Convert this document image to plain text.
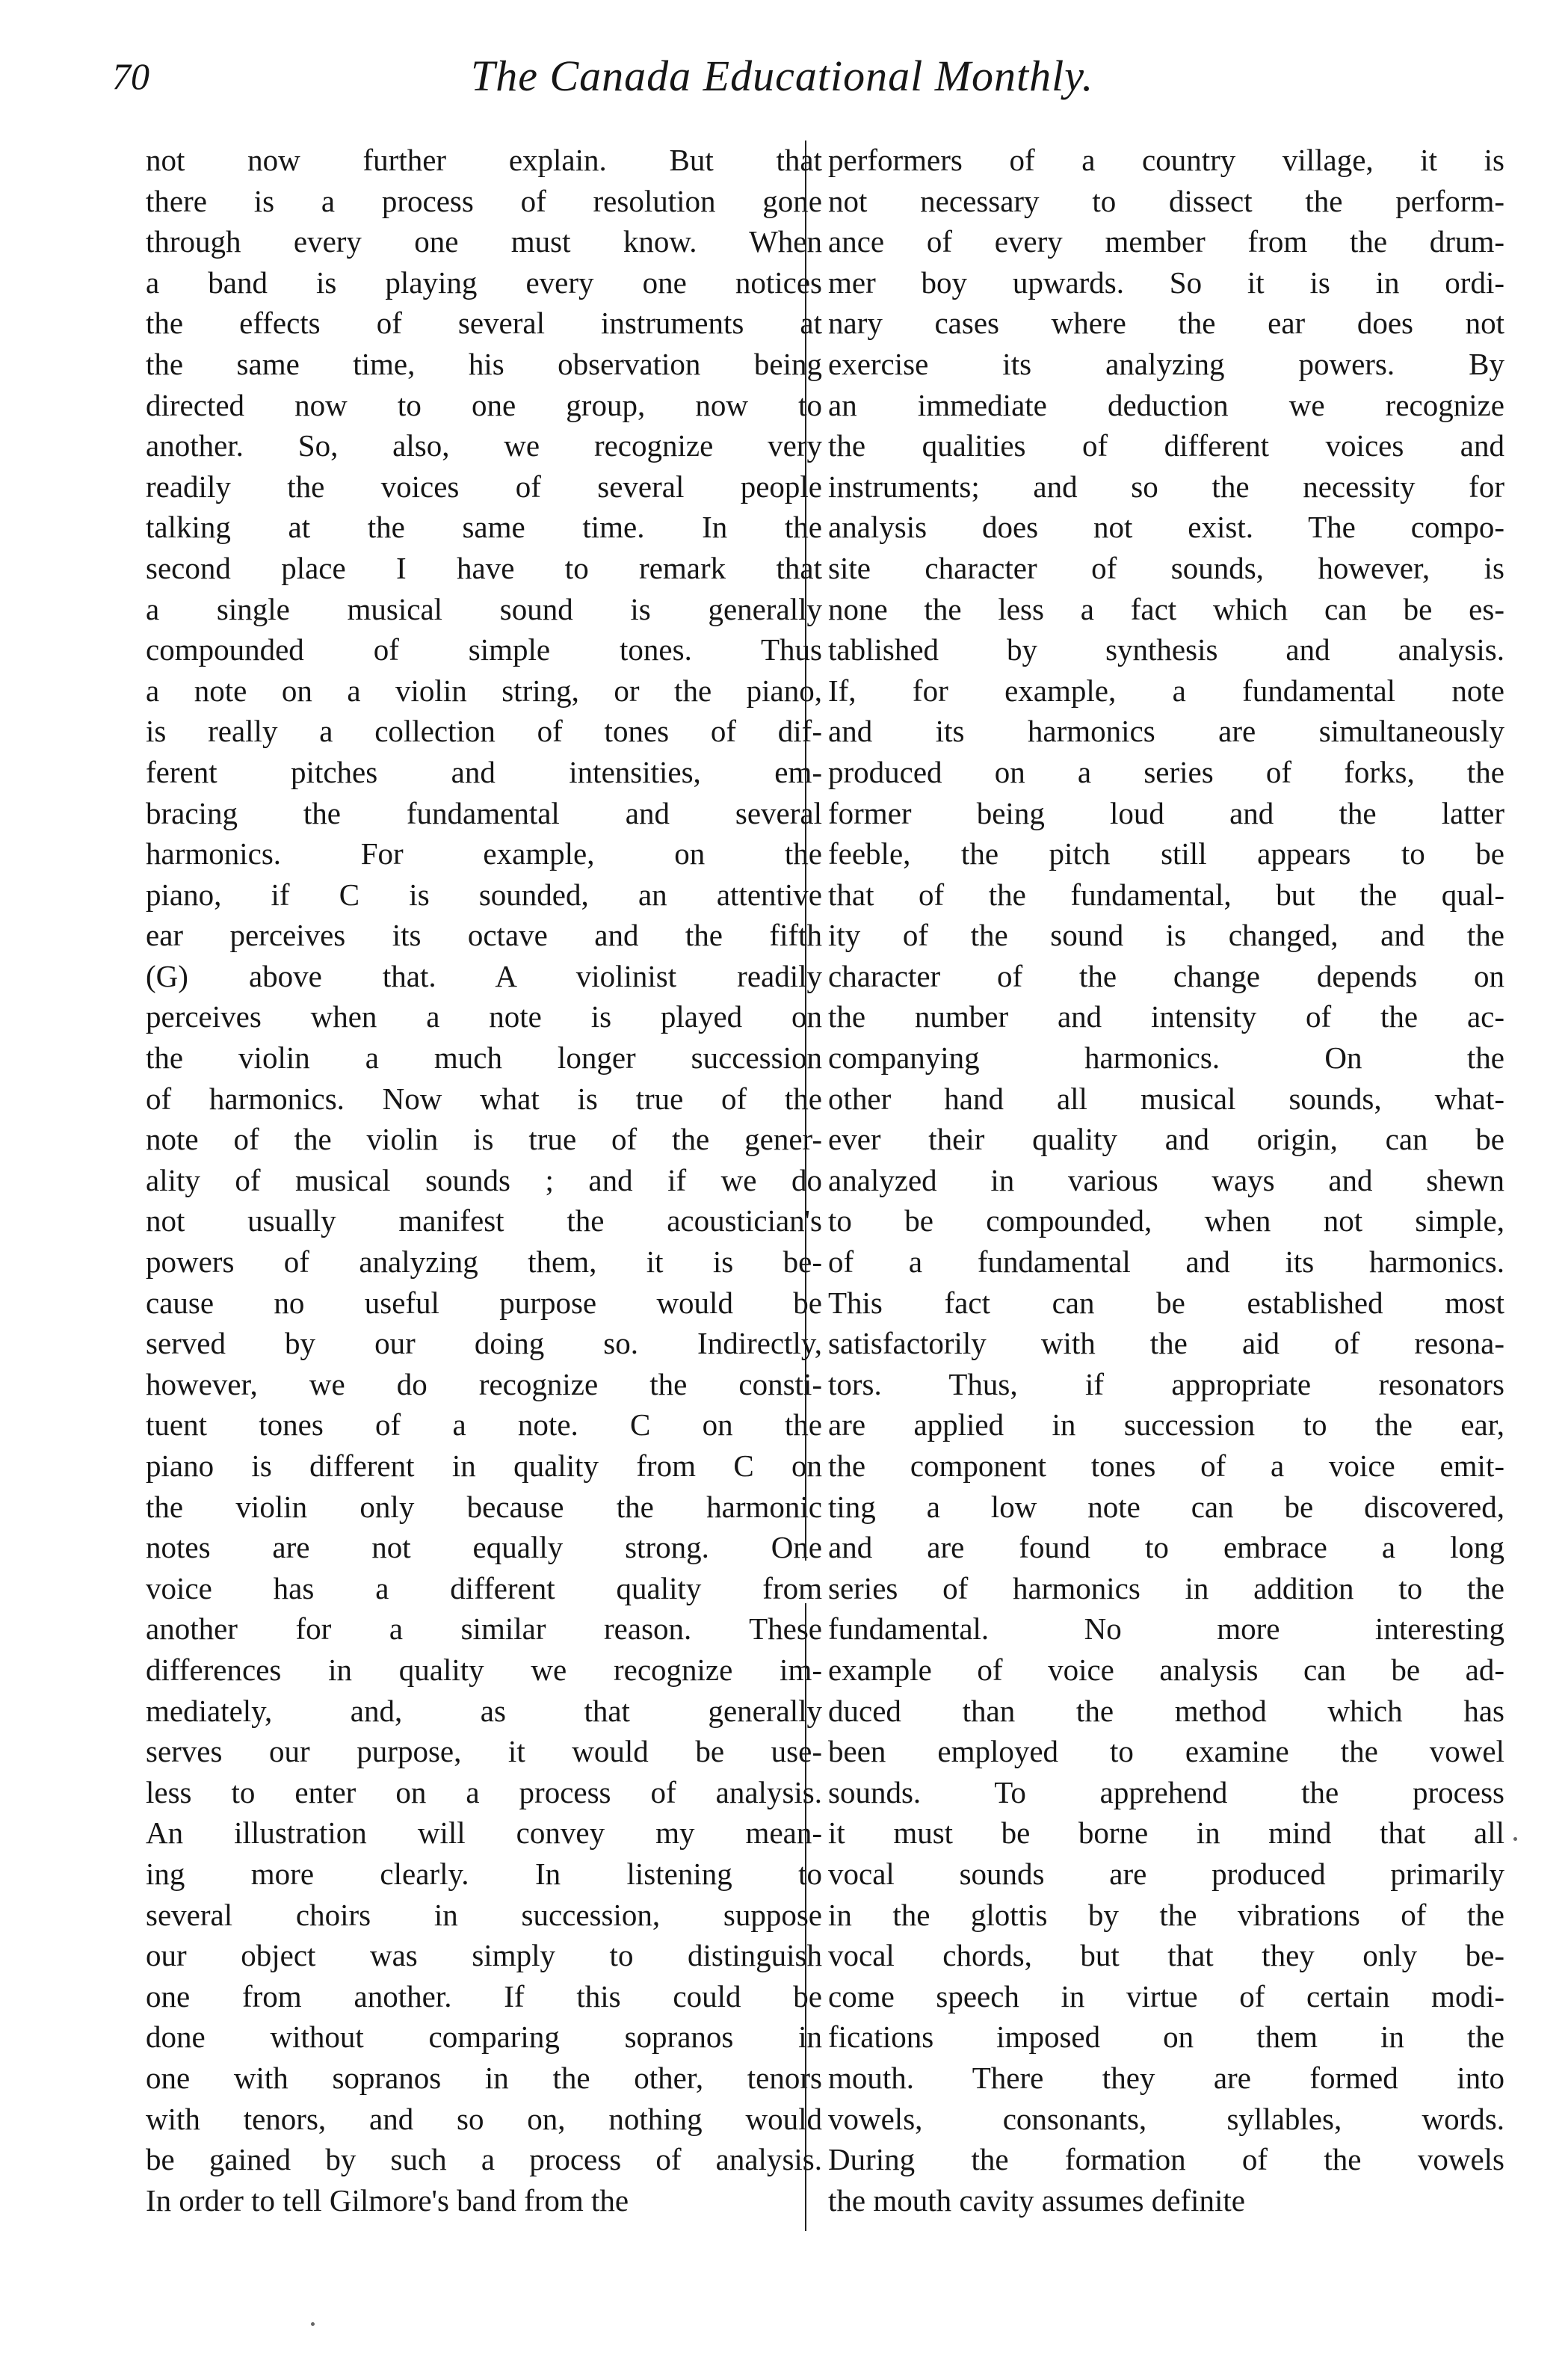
70	The Canada Educational Monthly.
not now further explain. But that
there is a process of resolution gone
through every one must know. When
a band is playing every one notices
the effects of several instruments at
the same time, his observation being
directed now to one group, now to
another. So, also, we recognize very
readily the voices of several people
talking at the same time. In the
second place I have to remark that
a single musical sound is generally
compounded of simple tones. Thus
a note on a violin string, or the piano,
is really a collection of tones of dif-
ferent pitches and intensities, em-
bracing the fundamental and several
harmonics. For example, on the
piano, if C is sounded, an attentive
ear perceives its octave and the fifth
(G) above that. A violinist readily
perceives when a note is played on
the violin a much longer succession
of harmonics. Now what is true of the
note of the violin is true of the gener-
ality of musical sounds ; and if we do
not usually manifest the acoustician's
powers of analyzing them, it is be-
cause no useful purpose would be
served by our doing so. Indirectly,
however, we do recognize the consti-
tuent tones of a note. C on the
piano is different in quality from C on
the violin only because the harmonic
notes are not equally strong. One
voice has a different quality from
another for a similar reason. These
differences in quality we recognize im-
mediately, and, as that generally
serves our purpose, it would be use-
less to enter on a process of analysis.
An illustration will convey my mean-
ing more clearly. In listening to
several choirs in succession, suppose
our object was simply to distinguish
one from another. If this could be
done without comparing sopranos in
one with sopranos in the other, tenors
with tenors, and so on, nothing would
be gained by such a process of analysis.
In order to tell Gilmore's band from the
performers of a country village, it is
not necessary to dissect the perform-
ance of every member from the drum-
mer boy upwards. So it is in ordi-
nary cases where the ear does not
exercise its analyzing powers. By
an immediate deduction we recognize
the qualities of different voices and
instruments; and so the necessity for
analysis does not exist. The compo-
site character of sounds, however, is
none the less a fact which can be es-
tablished by synthesis and analysis.
If, for example, a fundamental note
and its harmonics are simultaneously
produced on a series of forks, the
former being loud and the latter
feeble, the pitch still appears to be
that of the fundamental, but the qual-
ity of the sound is changed, and the
character of the change depends on
the number and intensity of the ac-
companying harmonics. On the
other hand all musical sounds, what-
ever their quality and origin, can be
analyzed in various ways and shewn
to be compounded, when not simple,
of a fundamental and its harmonics.
This fact can be established most
satisfactorily with the aid of resona-
tors. Thus, if appropriate resonators
are applied in succession to the ear,
the component tones of a voice emit-
ting a low note can be discovered,
and are found to embrace a long
series of harmonics in addition to the
fundamental. No more interesting
example of voice analysis can be ad-
duced than the method which has
been employed to examine the vowel
sounds. To apprehend the process
it must be borne in mind that all
vocal sounds are produced primarily
in the glottis by the vibrations of the
vocal chords, but that they only be-
come speech in virtue of certain modi-
fications imposed on them in the
mouth. There they are formed into
vowels, consonants, syllables, words.
During the formation of the vowels
the mouth cavity assumes definite
